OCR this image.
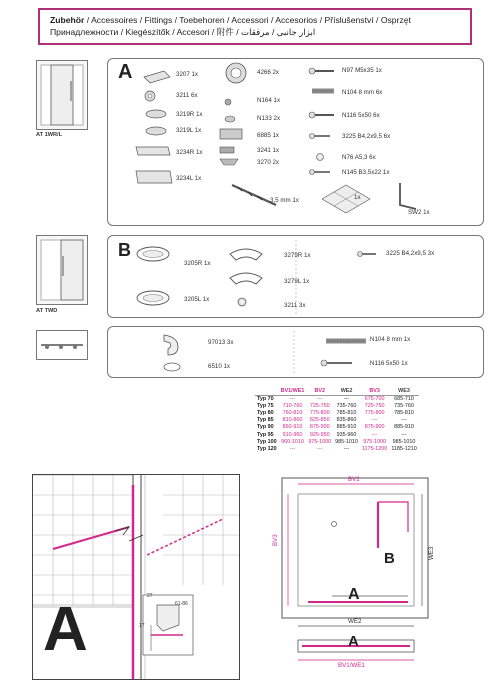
Zubehör / Accessoires / Fittings / Toebehoren / Accessori / Accesorios / Příslušenství / Osprzęt
Принадлежности / Kiegészítők / Accesori / 附件 / ابزار جانبی / مرفقات
AT 1WR/L
AT TWD
A	3207 1x
3211 6x
3219R 1x
3219L 1x
3234R 1x
3234L 1x
4266 2x
N164 1x
N133 2x
6885 1x
3241 1x
3270 2x
N97 M5x35 1x
N104 8 mm 6x
N116 5x50 6x
3225 B4,2x9,5 6x
N76 A5,3 6x
N145 B3,5x22 1x
3,5 mm 1x	1x
SW2 1x
B
3205R 1x
3205L 1x
3279R 1x
3279L 1x
3211 3x
3225 B4,2x9,5 3x
97013 3x
6510 1x
N104 8 mm 1x
N116 5x50 1x
	BV1/WE1	BV2	WE2	BV3	WE3
Typ 70	---	---	---	675-700	685-710
Typ 75	710-760	725-750	735-760	725-750	735-760
Typ 80	760-810	775-800	785-810	775-800	785-810
Typ 85	810-860	825-850	835-860	---	---
Typ 90	860-910	875-900	885-910	875-900	885-910
Typ 95	910-960	925-950	935-960	---	---
Typ 100	960-1010	975-1000	985-1010	975-1000	985-1010
Typ 120	---	---	---	1175-1200	1185-1210
A	27
61-86
17
BV2
BV3
WE3
WE2
BV1/WE1
B
A
A
